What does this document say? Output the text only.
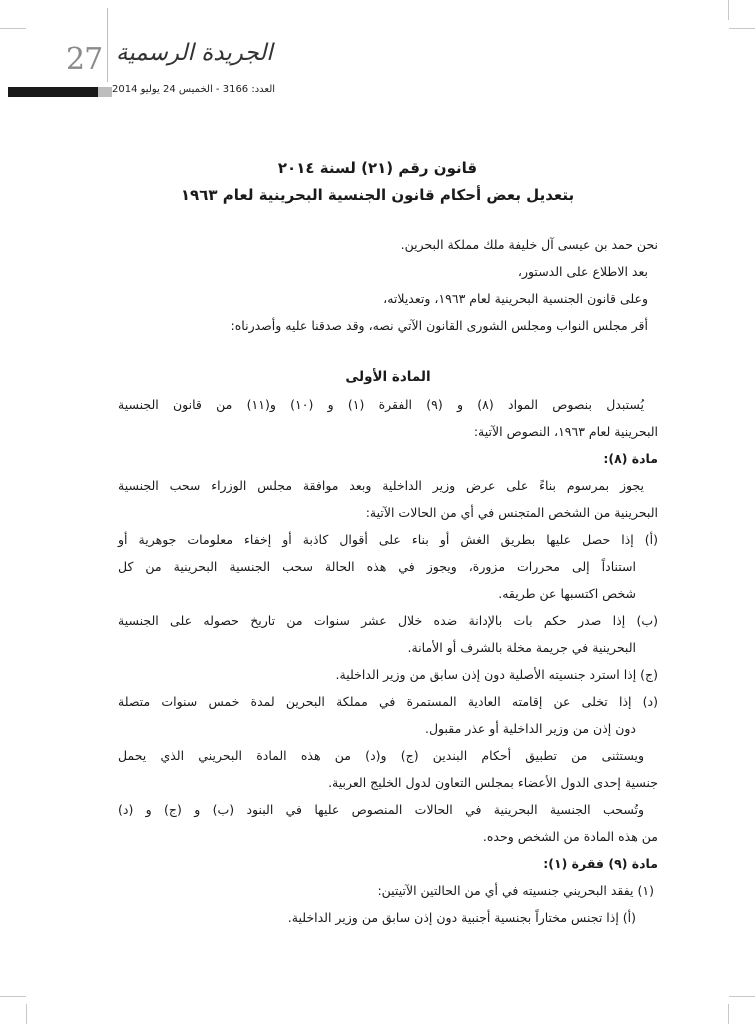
27 الجريدة الرسمية
العدد: 3166 - الخميس 24 يوليو 2014
قانون رقم (٢١) لسنة ٢٠١٤
بتعديل بعض أحكام قانون الجنسية البحرينية لعام ١٩٦٣
نحن حمد بن عيسى آل خليفة ملك مملكة البحرين.
بعد الاطلاع على الدستور،
وعلى قانون الجنسية البحرينية لعام ١٩٦٣، وتعديلاته،
أقر مجلس النواب ومجلس الشورى القانون الآتي نصه، وقد صدقنا عليه وأصدرناه:
المادة الأولى
يُستبدل بنصوص المواد (٨) و (٩) الفقرة (١) و (١٠) و(١١) من قانون الجنسية
البحرينية لعام ١٩٦٣، النصوص الآتية:
مادة (٨):
يجوز بمرسوم بناءً على عرض وزير الداخلية وبعد موافقة مجلس الوزراء سحب الجنسية
البحرينية من الشخص المتجنس في أي من الحالات الآتية:
(أ) إذا حصل عليها بطريق الغش أو بناء على أقوال كاذبة أو إخفاء معلومات جوهرية أو
استناداً إلى محررات مزورة، ويجوز في هذه الحالة سحب الجنسية البحرينية من كل
شخص اكتسبها عن طريقه.
(ب) إذا صدر حكم بات بالإدانة ضده خلال عشر سنوات من تاريخ حصوله على الجنسية
البحرينية في جريمة مخلة بالشرف أو الأمانة.
(ج) إذا استرد جنسيته الأصلية دون إذن سابق من وزير الداخلية.
(د) إذا تخلى عن إقامته العادية المستمرة في مملكة البحرين لمدة خمس سنوات متصلة
دون إذن من وزير الداخلية أو عذر مقبول.
ويستثنى من تطبيق أحكام البندين (ج) و(د) من هذه المادة البحريني الذي يحمل
جنسية إحدى الدول الأعضاء بمجلس التعاون لدول الخليج العربية.
وتُسحب الجنسية البحرينية في الحالات المنصوص عليها في البنود (ب) و (ج) و (د)
من هذه المادة من الشخص وحده.
مادة (٩) فقرة (١):
(١) يفقد البحريني جنسيته في أي من الحالتين الآتيتين:
(أ) إذا تجنس مختاراً بجنسية أجنبية دون إذن سابق من وزير الداخلية.
